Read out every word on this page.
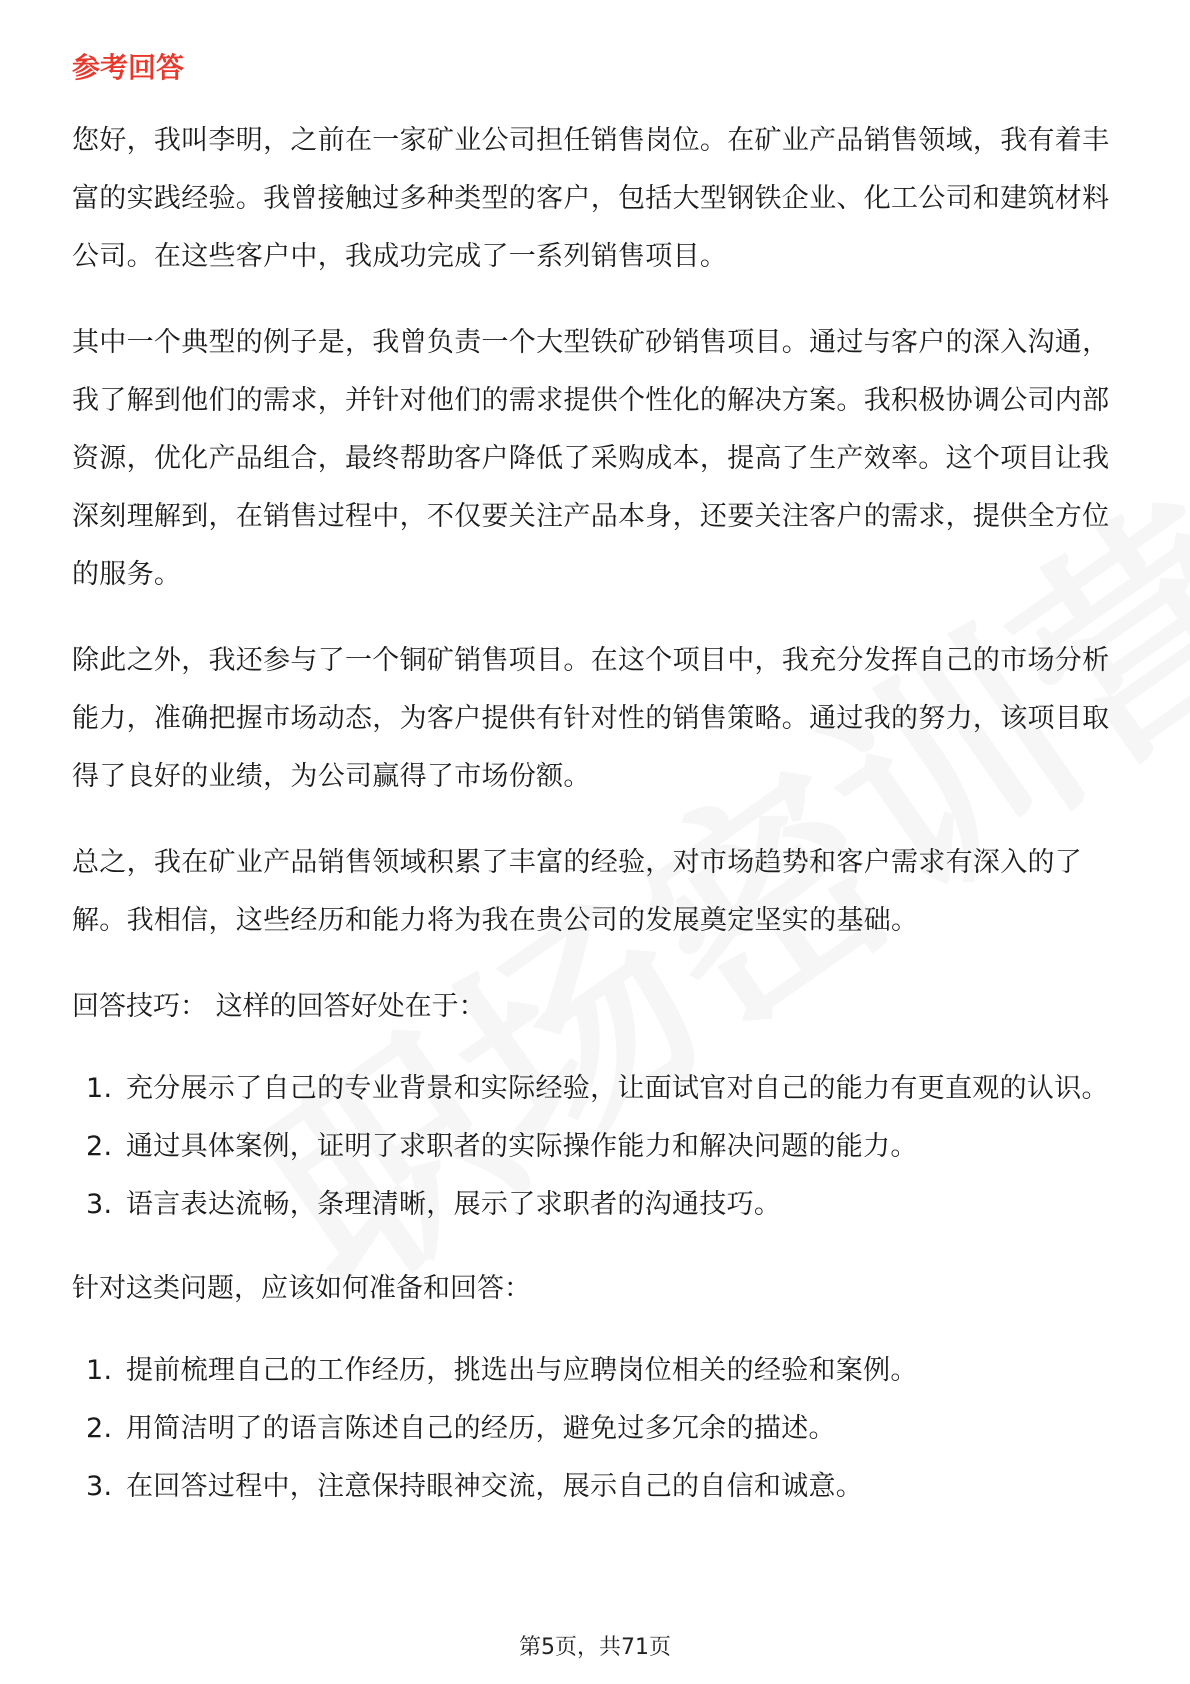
参考回答

您好，我叫李明，之前在一家矿业公司担任销售岗位。在矿业产品销售领域，我有着丰富的实践经验。我曾接触过多种类型的客户，包括大型钢铁企业、化工公司和建筑材料公司。在这些客户中，我成功完成了一系列销售项目。

其中一个典型的例子是，我曾负责一个大型铁矿砂销售项目。通过与客户的深入沟通，我了解到他们的需求，并针对他们的需求提供个性化的解决方案。我积极协调公司内部资源，优化产品组合，最终帮助客户降低了采购成本，提高了生产效率。这个项目让我深刻理解到，在销售过程中，不仅要关注产品本身，还要关注客户的需求，提供全方位的服务。

除此之外，我还参与了一个铜矿销售项目。在这个项目中，我充分发挥自己的市场分析能力，准确把握市场动态，为客户提供有针对性的销售策略。通过我的努力，该项目取得了良好的业绩，为公司赢得了市场份额。

总之，我在矿业产品销售领域积累了丰富的经验，对市场趋势和客户需求有深入的了解。我相信，这些经历和能力将为我在贵公司的发展奠定坚实的基础。

回答技巧： 这样的回答好处在于：
1. 充分展示了自己的专业背景和实际经验，让面试官对自己的能力有更直观的认识。
2. 通过具体案例，证明了求职者的实际操作能力和解决问题的能力。
3. 语言表达流畅，条理清晰，展示了求职者的沟通技巧。
针对这类问题，应该如何准备和回答：
1. 提前梳理自己的工作经历，挑选出与应聘岗位相关的经验和案例。
2. 用简洁明了的语言陈述自己的经历，避免过多冗余的描述。
3. 在回答过程中，注意保持眼神交流，展示自己的自信和诚意。
第5页，共71页
